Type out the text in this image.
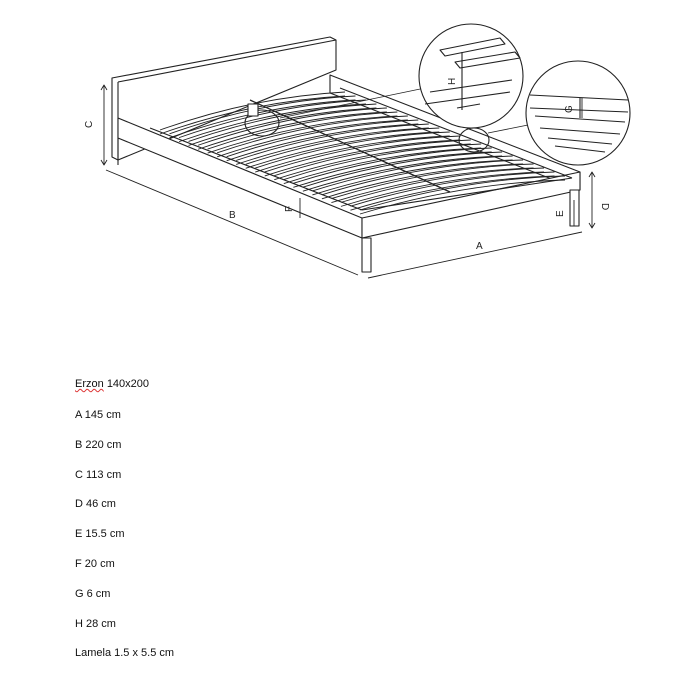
C
B
A
D
E
F
H
G
Erzon 140x200
A 145 cm
B 220 cm
C 113 cm
D 46 cm
E 15.5 cm
F 20 cm
G 6 cm
H 28 cm
Lamela 1.5 x 5.5 cm
